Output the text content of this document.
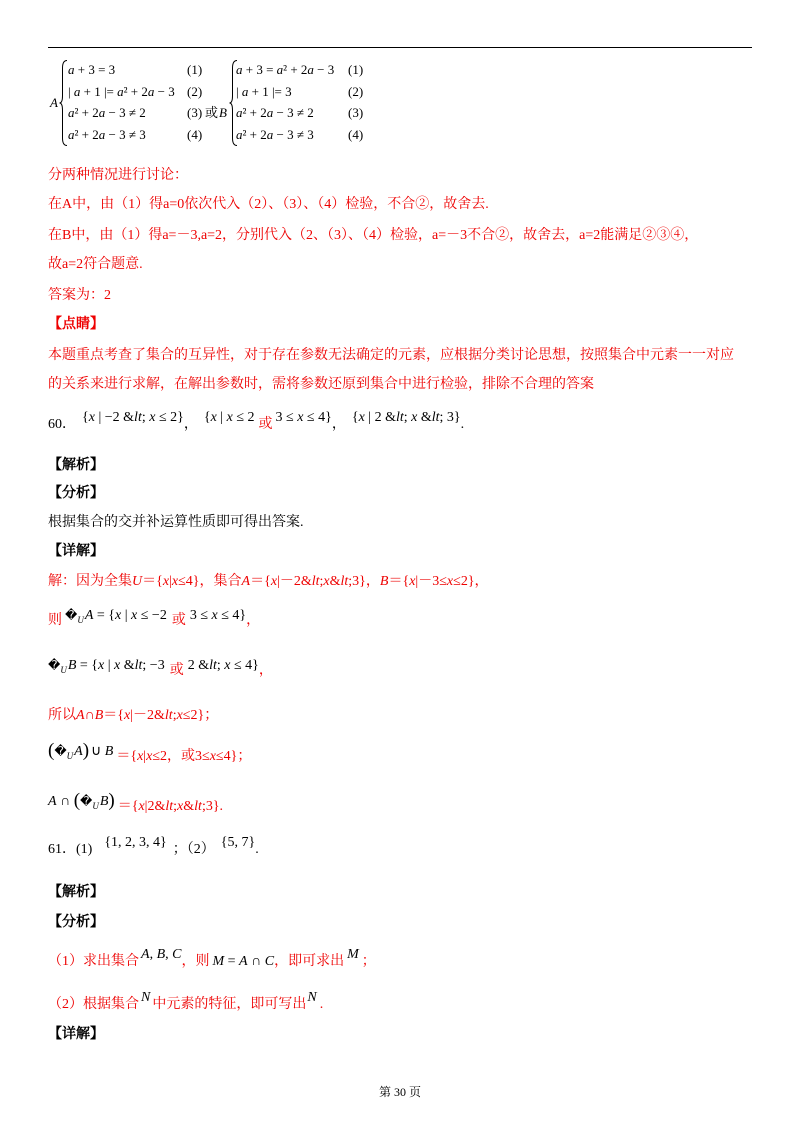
A
a + 3 = 3
| a + 1 |= a² + 2a − 3
a² + 2a − 3 ≠ 2
a² + 2a − 3 ≠ 3
(1)
(2)
(3)
(4)
或 B
a + 3 = a² + 2a − 3
| a + 1 |= 3
a² + 2a − 3 ≠ 2
a² + 2a − 3 ≠ 3
(1)
(2)
(3)
(4)
分两种情况进行讨论：
在A中，由（1）得a=0依次代入（2）、（3）、（4）检验，不合②，故舍去.
在B中，由（1）得a=－3,a=2，分别代入（2、（3）、（4）检验，a=－3不合②，故舍去，a=2能满足②③④，
故a=2符合题意.
答案为：2
【点睛】
本题重点考查了集合的互异性，对于存在参数无法确定的元素，应根据分类讨论思想，按照集合中元素一一对应
的关系来进行求解，在解出参数时，需将参数还原到集合中进行检验，排除不合理的答案
60． {x | −2 &lt; x ≤ 2}， {x | x ≤ 2 或 3 ≤ x ≤ 4}， {x | 2 &lt; x &lt; 3}.
【解析】
【分析】
根据集合的交并补运算性质即可得出答案.
【详解】
解：因为全集U＝{x|x≤4}，集合A＝{x|－2&lt;x&lt;3}，B＝{x|－3≤x≤2}，
则 $�_UA = \{x$ | x ≤ −2 或 3 ≤ x ≤ 4}，
$�_UB = \{x$ | x &lt; −3 或 2 &lt; x ≤ 4}，
所以A∩B＝{x|－2&lt;x≤2}；
$(�_UA)$ ∪ B ＝{x|x≤2，或3≤x≤4}；
A ∩ $(�_UB)$ ＝{x|2&lt;x&lt;3}.
61．(1) {1, 2, 3, 4} ；（2） {5, 7}.
【解析】
【分析】
（1）求出集合 A, B, C，则 M = A ∩ C，即可求出 M ；
（2）根据集合 N 中元素的特征，即可写出N .
【详解】
第 30 页
